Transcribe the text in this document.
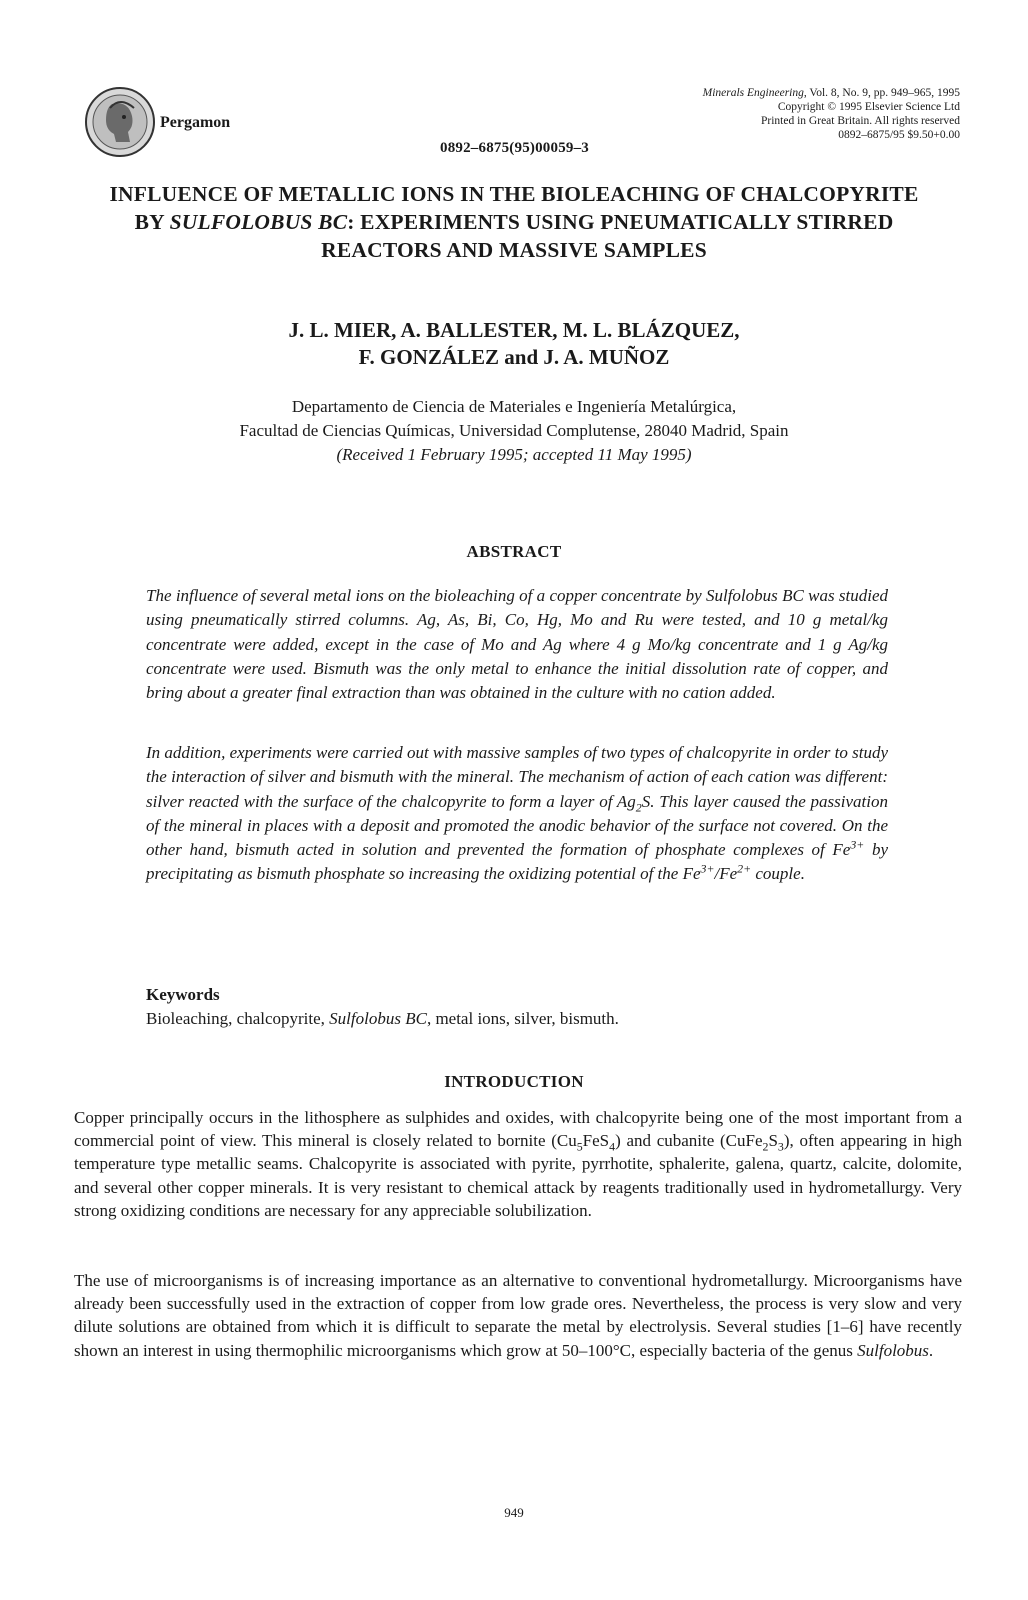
Pergamon
0892–6875(95)00059–3
Minerals Engineering, Vol. 8, No. 9, pp. 949–965, 1995
Copyright © 1995 Elsevier Science Ltd
Printed in Great Britain. All rights reserved
0892–6875/95 $9.50+0.00
INFLUENCE OF METALLIC IONS IN THE BIOLEACHING OF CHALCOPYRITE BY SULFOLOBUS BC: EXPERIMENTS USING PNEUMATICALLY STIRRED REACTORS AND MASSIVE SAMPLES
J. L. MIER, A. BALLESTER, M. L. BLÁZQUEZ,
F. GONZÁLEZ and J. A. MUÑOZ
Departamento de Ciencia de Materiales e Ingeniería Metalúrgica,
Facultad de Ciencias Químicas, Universidad Complutense, 28040 Madrid, Spain
(Received 1 February 1995; accepted 11 May 1995)
ABSTRACT
The influence of several metal ions on the bioleaching of a copper concentrate by Sulfolobus BC was studied using pneumatically stirred columns. Ag, As, Bi, Co, Hg, Mo and Ru were tested, and 10 g metal/kg concentrate were added, except in the case of Mo and Ag where 4 g Mo/kg concentrate and 1 g Ag/kg concentrate were used. Bismuth was the only metal to enhance the initial dissolution rate of copper, and bring about a greater final extraction than was obtained in the culture with no cation added.
In addition, experiments were carried out with massive samples of two types of chalcopyrite in order to study the interaction of silver and bismuth with the mineral. The mechanism of action of each cation was different: silver reacted with the surface of the chalcopyrite to form a layer of $Ag_2S$. This layer caused the passivation of the mineral in places with a deposit and promoted the anodic behavior of the surface not covered. On the other hand, bismuth acted in solution and prevented the formation of phosphate complexes of $Fe^{3+}$ by precipitating as bismuth phosphate so increasing the oxidizing potential of the $Fe^{3+}/Fe^{2+}$ couple.
Keywords
Bioleaching, chalcopyrite, Sulfolobus BC, metal ions, silver, bismuth.
INTRODUCTION
Copper principally occurs in the lithosphere as sulphides and oxides, with chalcopyrite being one of the most important from a commercial point of view. This mineral is closely related to bornite $(Cu_5FeS_4)$ and cubanite $(CuFe_2S_3)$, often appearing in high temperature type metallic seams. Chalcopyrite is associated with pyrite, pyrrhotite, sphalerite, galena, quartz, calcite, dolomite, and several other copper minerals. It is very resistant to chemical attack by reagents traditionally used in hydrometallurgy. Very strong oxidizing conditions are necessary for any appreciable solubilization.
The use of microorganisms is of increasing importance as an alternative to conventional hydrometallurgy. Microorganisms have already been successfully used in the extraction of copper from low grade ores. Nevertheless, the process is very slow and very dilute solutions are obtained from which it is difficult to separate the metal by electrolysis. Several studies [1–6] have recently shown an interest in using thermophilic microorganisms which grow at 50–100°C, especially bacteria of the genus Sulfolobus.
949
